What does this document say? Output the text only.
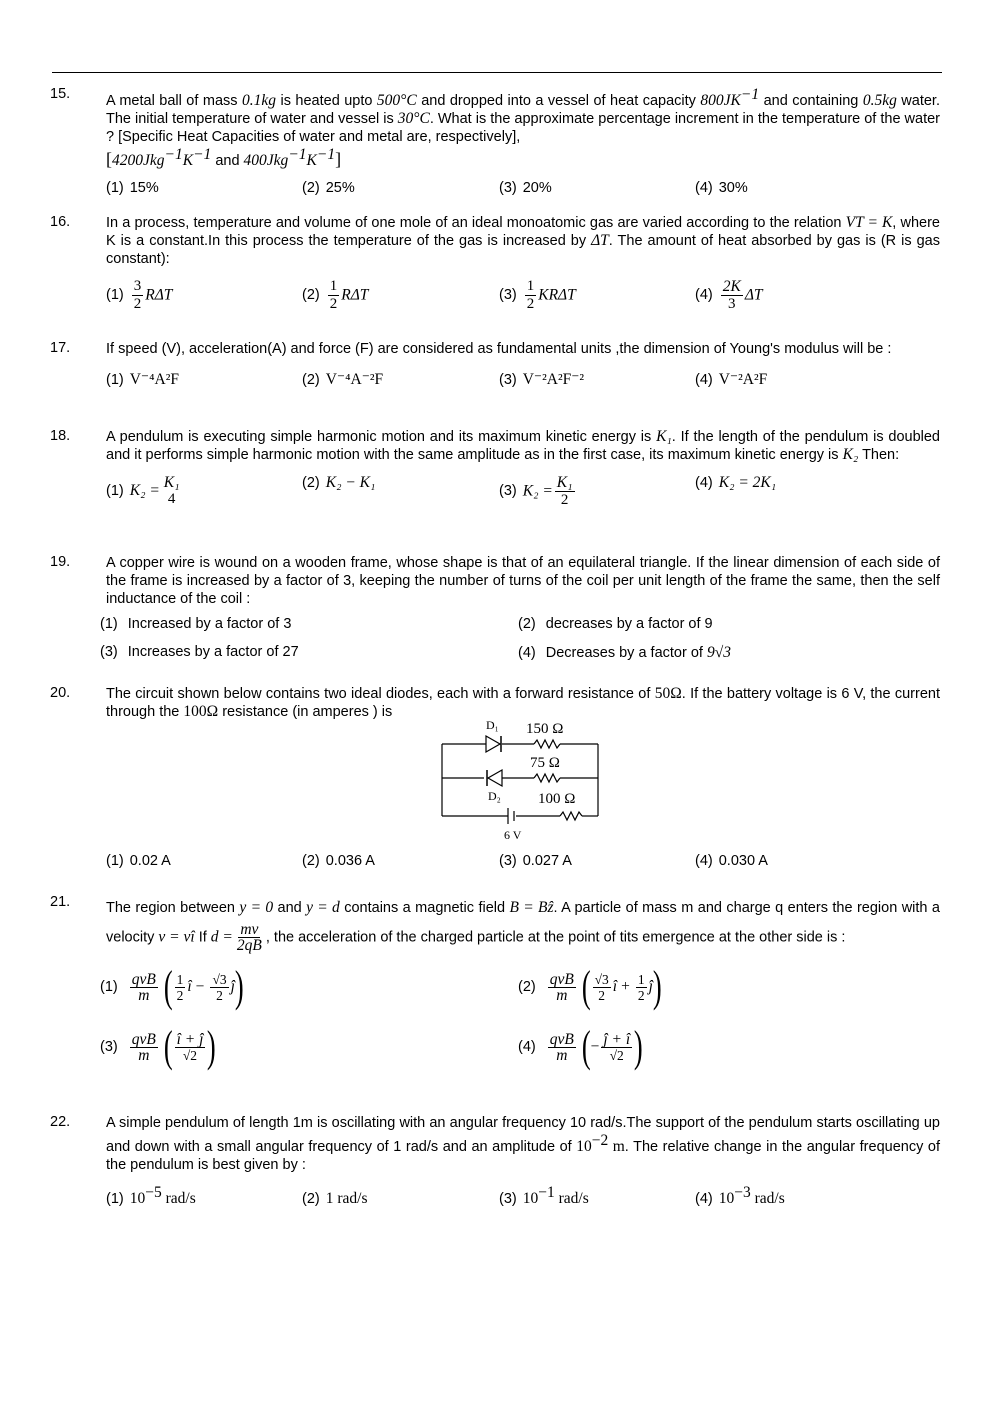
15. A metal ball of mass 0.1kg is heated upto 500°C and dropped into a vessel of heat capacity $800JK^{-1}$ and containing 0.5kg water. The initial temperature of water and vessel is 30°C. What is the approximate percentage increment in the temperature of the water ? [Specific Heat Capacities of water and metal are, respectively],
[$4200Jkg^{-1}K^{-1}$ and $400Jkg^{-1}K^{-1}$]
(1) 15%	(2) 25%	(3) 20%	(4) 30%
16. In a process, temperature and volume of one mole of an ideal monoatomic gas are varied according to the relation VT = K, where K is a constant.In this process the temperature of the gas is increased by ΔT. The amount of heat absorbed by gas is (R is gas constant):
$(1) \frac{3}{2}$ RΔT	$(2) \frac{1}{2}$ RΔT	$(3) \frac{1}{2}$ KRΔT	$(4) \frac{2K}{3}$ ΔT
17. If speed (V), acceleration(A) and force (F) are considered as fundamental units ,the dimension of Young's modulus will be :
(1) V⁻⁴A²F	(2) V⁻⁴A⁻²F	(3) V⁻²A²F⁻²	(4) V⁻²A²F
18. A pendulum is executing simple harmonic motion and its maximum kinetic energy is K₁. If the length of the pendulum is doubled and it performs simple harmonic motion with the same amplitude as in the first case, its maximum kinetic energy is K₂ Then:
(1) K₂ = K₁
4
(2) K₂ − K₁
(3) $K_2 = \frac{\text{K₁}}{2}$	(4) K₂ = 2K₁
19. A copper wire is wound on a wooden frame, whose shape is that of an equilateral triangle. If the linear dimension of each side of the frame is increased by a factor of 3, keeping the number of turns of the coil per unit length of the frame the same, then the self inductance of the coil :
(1) Increased by a factor of 3	(2) decreases by a factor of 9
(3) Increases by a factor of 27	(4) Decreases by a factor of 9√3
20. The circuit shown below contains two ideal diodes, each with a forward resistance of 50Ω. If the battery voltage is 6 V, the current through the 100Ω resistance (in amperes ) is
(1) 0.02 A	(2) 0.036 A	(3) 0.027 A	(4) 0.030 A
D₁
D₂
150 Ω
75 Ω
100 Ω
6 V
21. The region between y = 0 and y = d contains a magnetic field B = Bẑ. A particle of mass m and charge q enters the region with a velocity v = vî If $d = \frac{mv}{2qB}$ , the acceleration of the charged particle at the point of tits emergence at the other side is :
$(1) \frac{\text{qvB}}{m}$ ( $\frac{1}{2}$ î − $\frac{√3}{2}$ ĵ)	$(2) \frac{\text{qvB}}{m}$ ( $\frac{√3}{2}$ î + $\frac{1}{2}$ ĵ)
$(3) \frac{\text{qvB}}{m}$ ( $\frac{î + ĵ}{√2}$ )	$(4) \frac{\text{qvB}}{m}$ (− $\frac{ĵ + î}{√2}$ )
22. A simple pendulum of length 1m is oscillating with an angular frequency 10 rad/s.The support of the pendulum starts oscillating up and down with a small angular frequency of 1 rad/s and an amplitude of $10^{-2}$ m. The relative change in the angular frequency of the pendulum is best given by :
(1) $10^{-5}$ rad/s	(2) 1 rad/s	(3) $10^{-1}$ rad/s	(4) $10^{-3}$ rad/s
